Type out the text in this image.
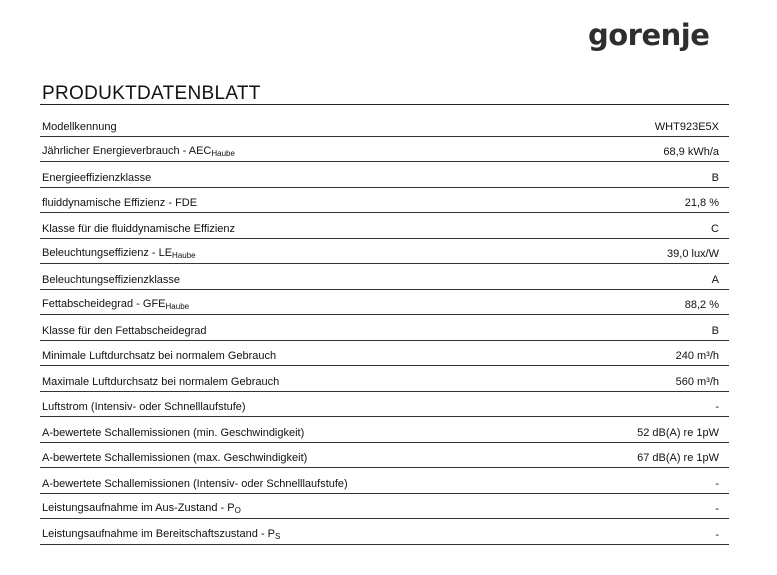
gorenje
PRODUKTDATENBLATT
Modellkennung	WHT923E5X
Jährlicher Energieverbrauch - $AEC_{Haube}$	68,9 kWh/a
Energieeffizienzklasse	B
fluiddynamische Effizienz - FDE	21,8 %
Klasse für die fluiddynamische Effizienz	C
Beleuchtungseffizienz - $LE_{Haube}$	39,0 lux/W
Beleuchtungseffizienzklasse	A
Fettabscheidegrad - $GFE_{Haube}$	88,2 %
Klasse für den Fettabscheidegrad	B
Minimale Luftdurchsatz bei normalem Gebrauch	240 m³/h
Maximale Luftdurchsatz bei normalem Gebrauch	560 m³/h
Luftstrom (Intensiv- oder Schnelllaufstufe)	-
A-bewertete Schallemissionen (min. Geschwindigkeit)	52 dB(A) re 1pW
A-bewertete Schallemissionen (max. Geschwindigkeit)	67 dB(A) re 1pW
A-bewertete Schallemissionen (Intensiv- oder Schnelllaufstufe)	-
Leistungsaufnahme im $Aus-Zustand - P_O$	-
Leistungsaufnahme im Bereitschaftszustand - $P_S$	-
